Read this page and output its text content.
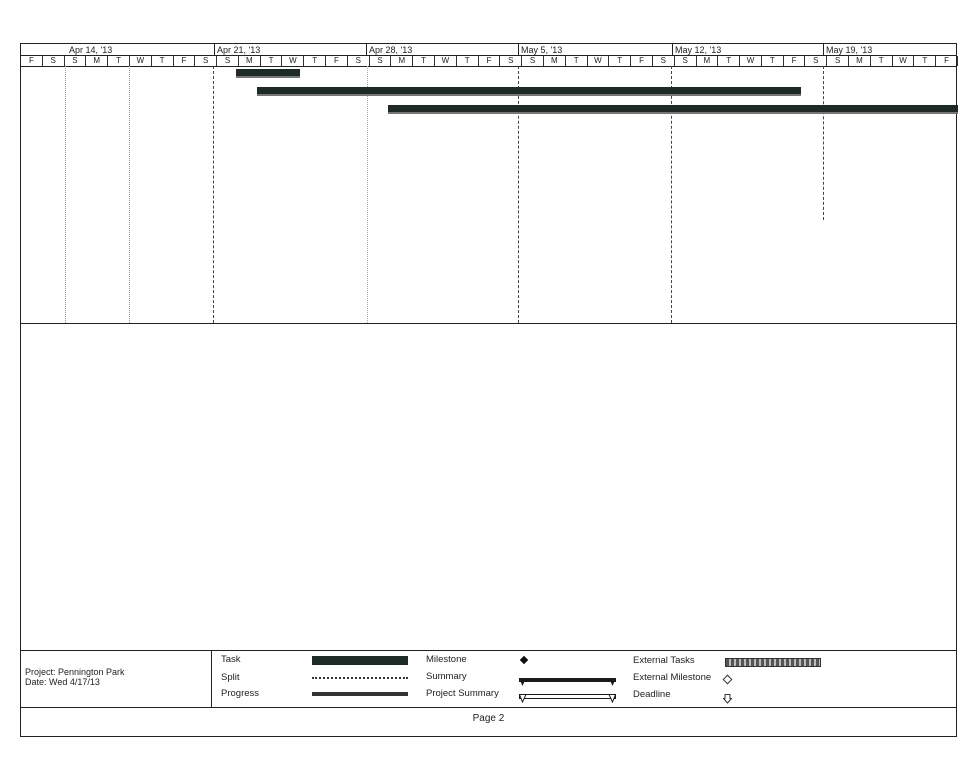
Apr 14, '13	Apr 21, '13	Apr 28, '13	May 5, '13	May 12, '13	May 19, '13
F	S	S	M	T	W	T	F	S	S	M	T	W	T	F	S	S	M	T	W	T	F	S	S	M	T	W	T	F	S	S	M	T	W	T	F	S	S	M	T	W	T	F
Project: Pennington Park
Date: Wed 4/17/13
Task
Split
Progress
Milestone
Summary
Project Summary
External Tasks
External Milestone
Deadline
Page 2
